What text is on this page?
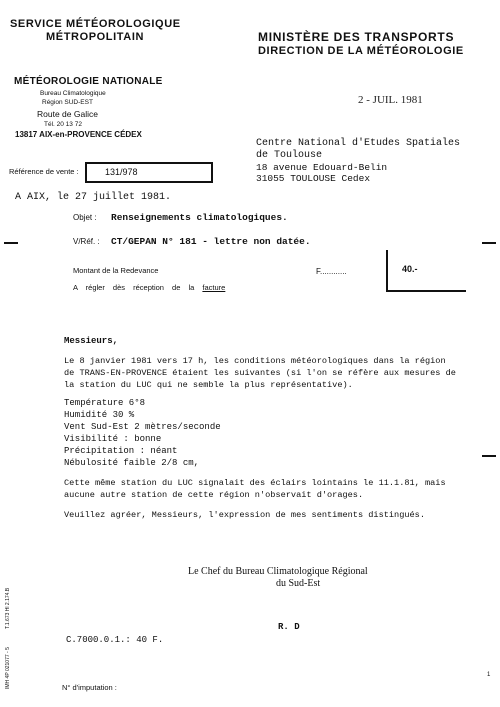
SERVICE MÉTÉOROLOGIQUE
MÉTROPOLITAIN	MINISTÈRE DES TRANSPORTS
DIRECTION DE LA MÉTÉOROLOGIE
2 - JUIL. 1981
MÉTÉOROLOGIE NATIONALE
Bureau Climatologique
Région SUD-EST
Route de Galice
Tél. 20 13 72
13817 AIX-en-PROVENCE CÉDEX
Centre National d'Etudes Spatiales
de Toulouse
18 avenue Edouard-Belin
31055 TOULOUSE Cedex
Référence de vente :	131/978
A AIX, le 27 juillet 1981.
Objet : Renseignements climatologiques.
V/Réf. : CT/GEPAN N° 181 - lettre non datée.
Montant de la Redevance	F............	40.-
A régler dès réception de la facture
Messieurs,
Le 8 janvier 1981 vers 17 h, les conditions météorologiques dans la région
de TRANS-EN-PROVENCE étaient les suivantes (si l'on se réfère aux mesures de
la station du LUC qui ne semble la plus représentative).
Température 6°8
Humidité 30 %
Vent Sud-Est 2 mètres/seconde
Visibilité : bonne
Précipitation : néant
Nébulosité faible 2/8 cm,
Cette même station du LUC signalait des éclairs lointains le 11.1.81, mais
aucune autre station de cette région n'observait d'orages.
Veuillez agréer, Messieurs, l'expression de mes sentiments distingués.
Le Chef du Bureau Climatologique Régional
du Sud-Est
R. D
C.7000.0.1.: 40 F.
N° d'imputation :
1
T.1.673 Hl 2.174.B
IMH 4P 021077 - 5
